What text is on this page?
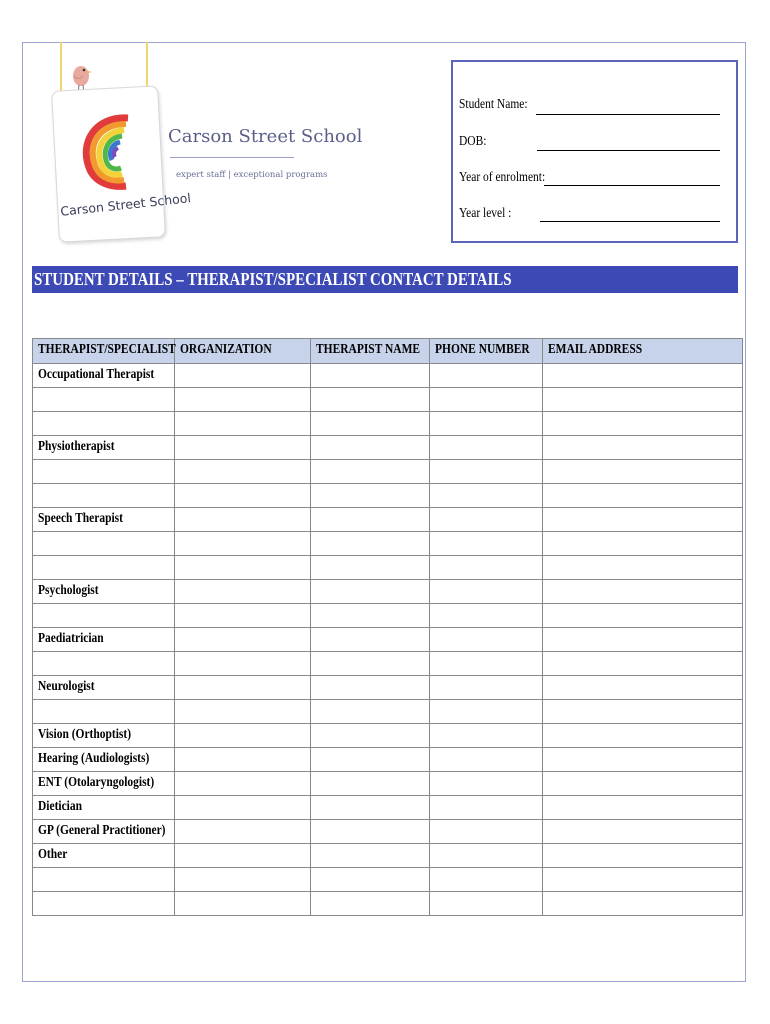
Carson Street School
Carson Street School
expert staff | exceptional programs
Student Name:
DOB:
Year of enrolment:
Year level :
STUDENT DETAILS – THERAPIST/SPECIALIST CONTACT DETAILS
THERAPIST/SPECIALIST	ORGANIZATION	THERAPIST NAME	PHONE NUMBER	EMAIL ADDRESS
Occupational Therapist				

Physiotherapist				

Speech Therapist				

Psychologist				

Paediatrician				

Neurologist				

Vision (Orthoptist)				
Hearing (Audiologists)				
ENT (Otolaryngologist)				
Dietician				
GP (General Practitioner)				
Other				
